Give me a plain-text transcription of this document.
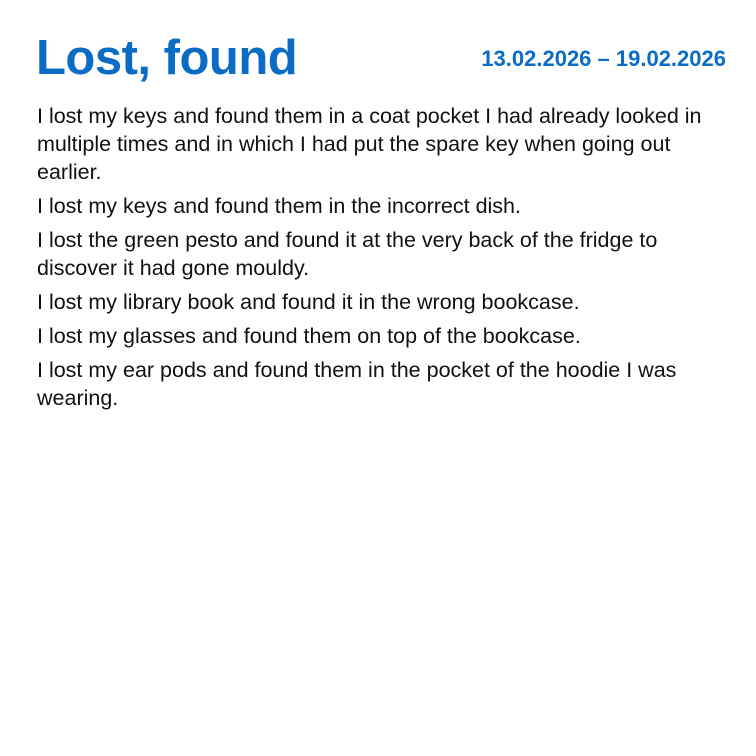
Lost, found	13.02.2026 – 19.02.2026
I lost my keys and found them in a coat pocket I had already looked in multiple times and in which I had put the spare key when going out earlier.
I lost my keys and found them in the incorrect dish.
I lost the green pesto and found it at the very back of the fridge to discover it had gone mouldy.
I lost my library book and found it in the wrong bookcase.
I lost my glasses and found them on top of the bookcase.
I lost my ear pods and found them in the pocket of the hoodie I was wearing.
